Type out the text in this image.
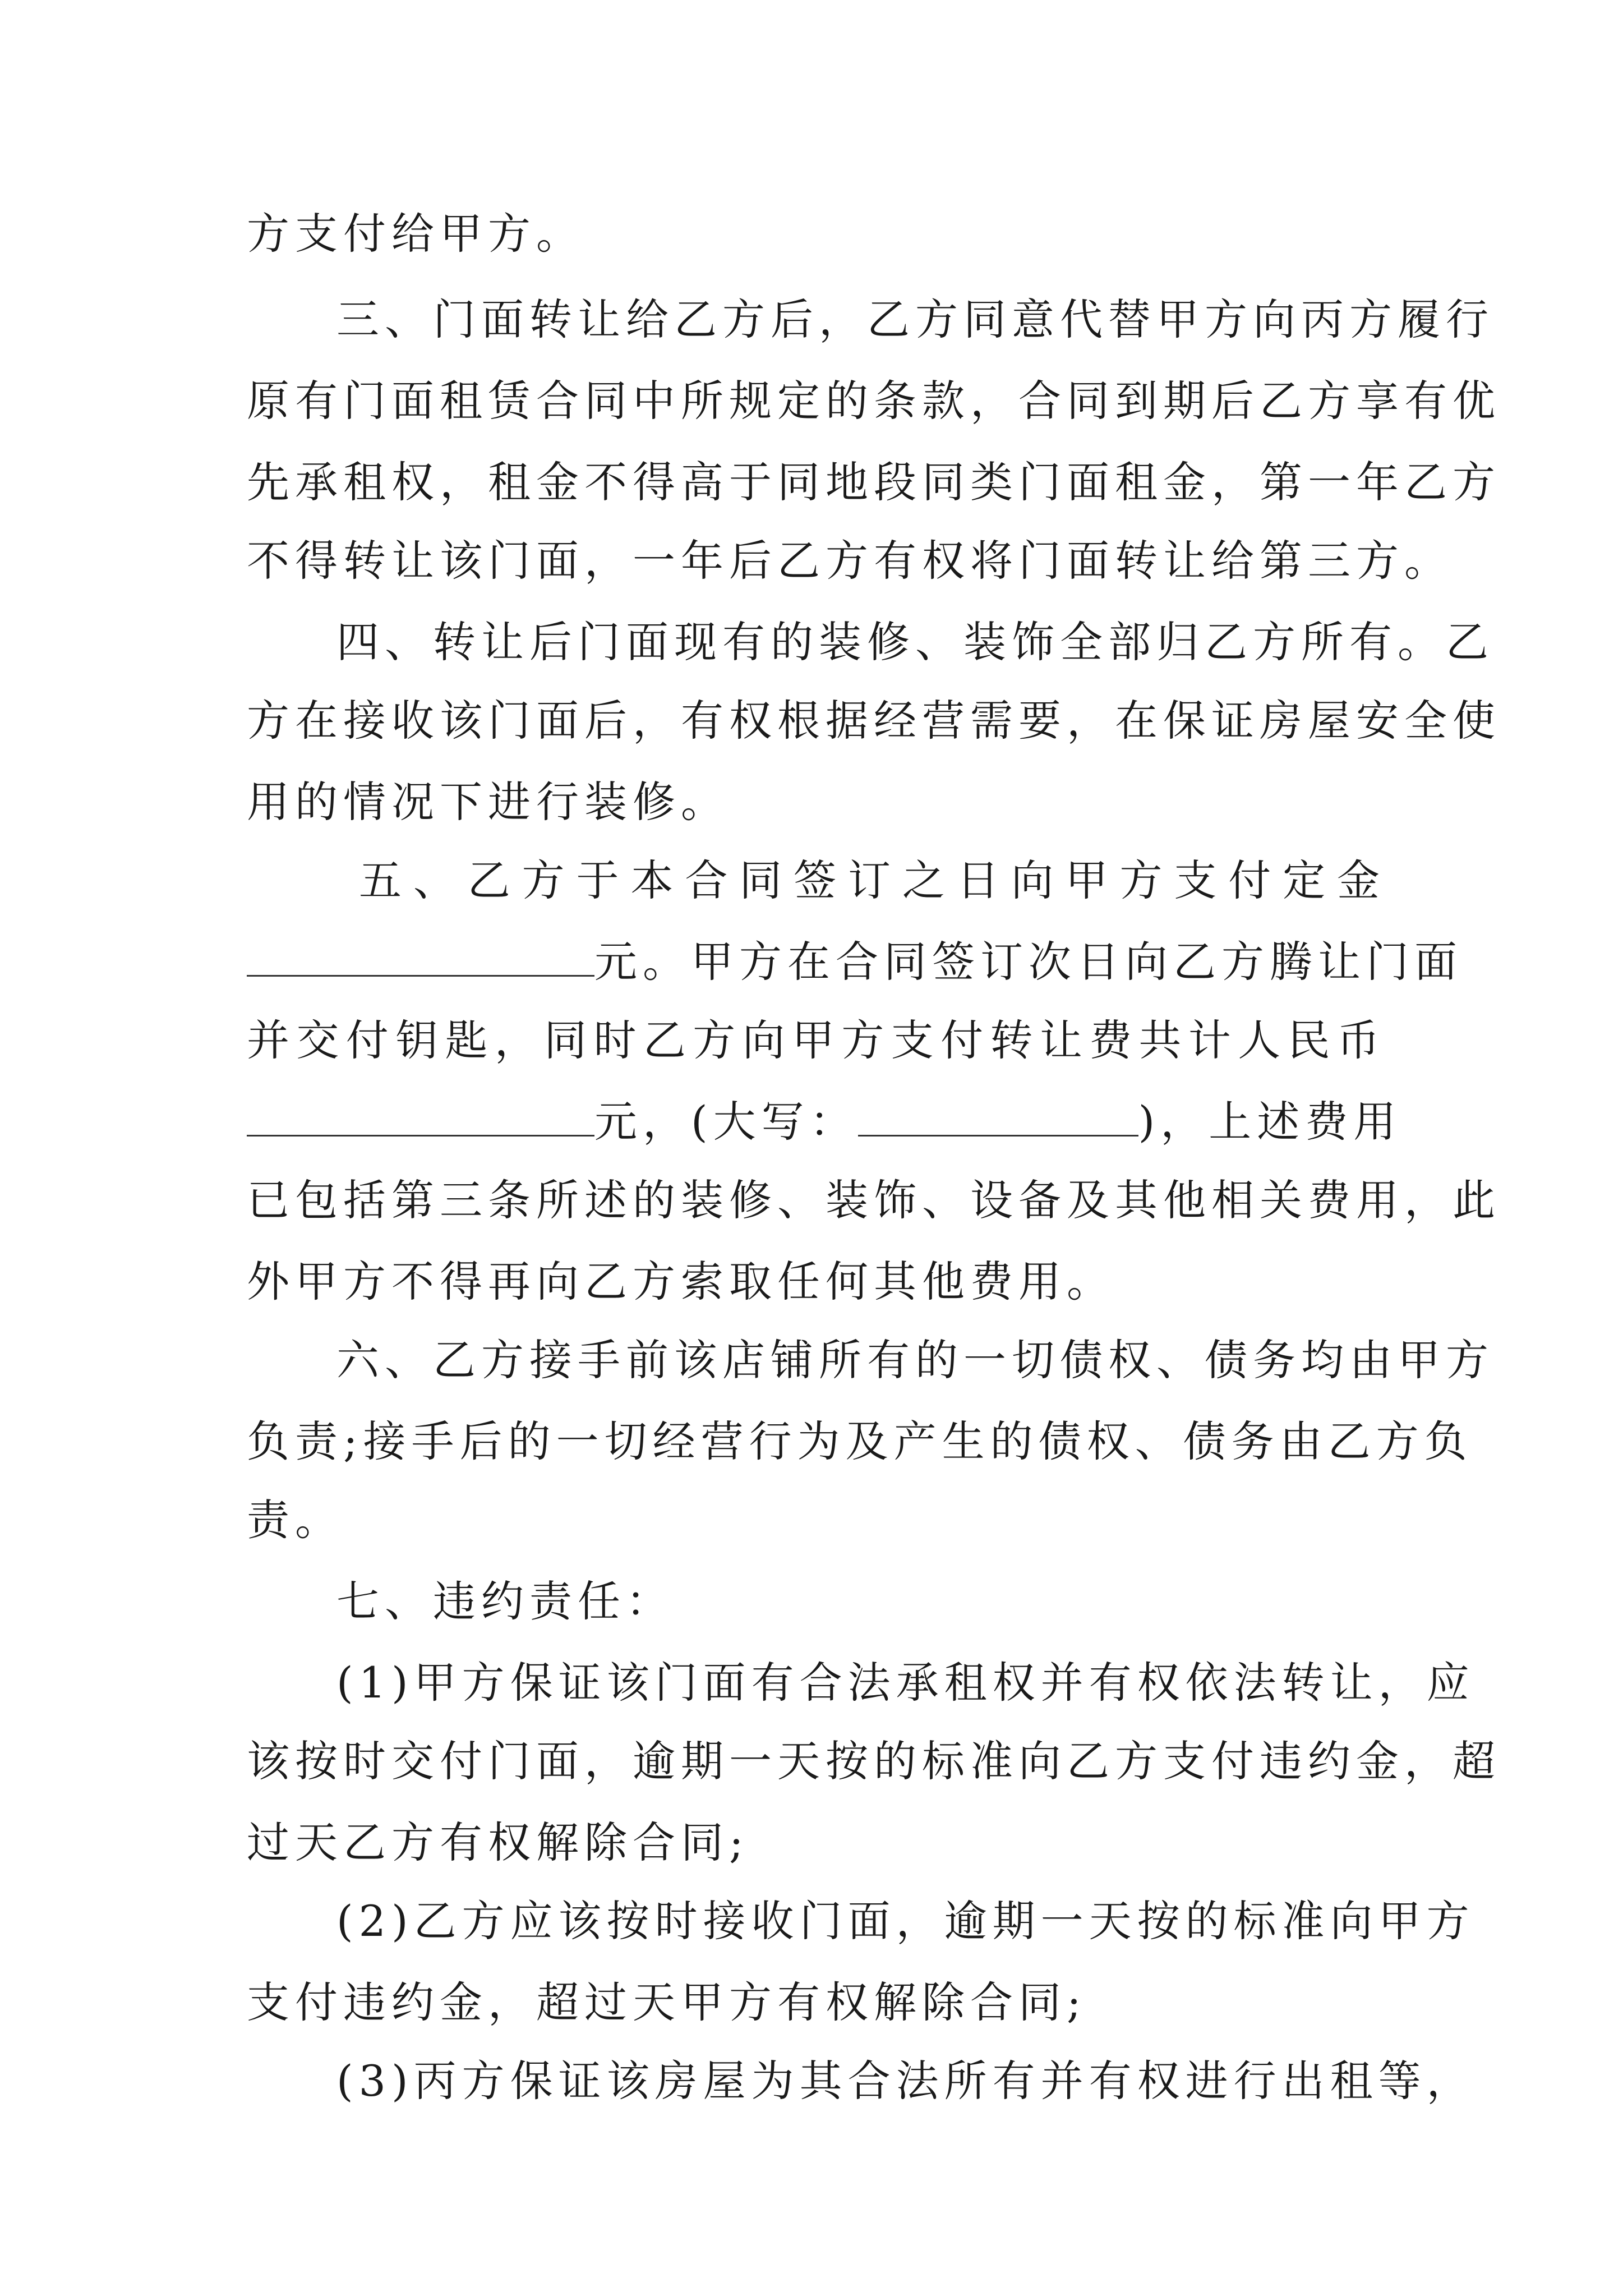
方支付给甲方。
三、门面转让给乙方后，乙方同意代替甲方向丙方履行
原有门面租赁合同中所规定的条款，合同到期后乙方享有优
先承租权，租金不得高于同地段同类门面租金，第一年乙方
不得转让该门面，一年后乙方有权将门面转让给第三方。
四、转让后门面现有的装修、装饰全部归乙方所有。乙
方在接收该门面后，有权根据经营需要，在保证房屋安全使
用的情况下进行装修。
五、乙方于本合同签订之日向甲方支付定金
元。甲方在合同签订次日向乙方腾让门面
并交付钥匙，同时乙方向甲方支付转让费共计人民币
元，(大写：	)，上述费用
已包括第三条所述的装修、装饰、设备及其他相关费用，此
外甲方不得再向乙方索取任何其他费用。
六、乙方接手前该店铺所有的一切债权、债务均由甲方
负责;接手后的一切经营行为及产生的债权、债务由乙方负
责。
七、违约责任：
(1)甲方保证该门面有合法承租权并有权依法转让，应
该按时交付门面，逾期一天按的标准向乙方支付违约金，超
过天乙方有权解除合同;
(2)乙方应该按时接收门面，逾期一天按的标准向甲方
支付违约金，超过天甲方有权解除合同;
(3)丙方保证该房屋为其合法所有并有权进行出租等，
